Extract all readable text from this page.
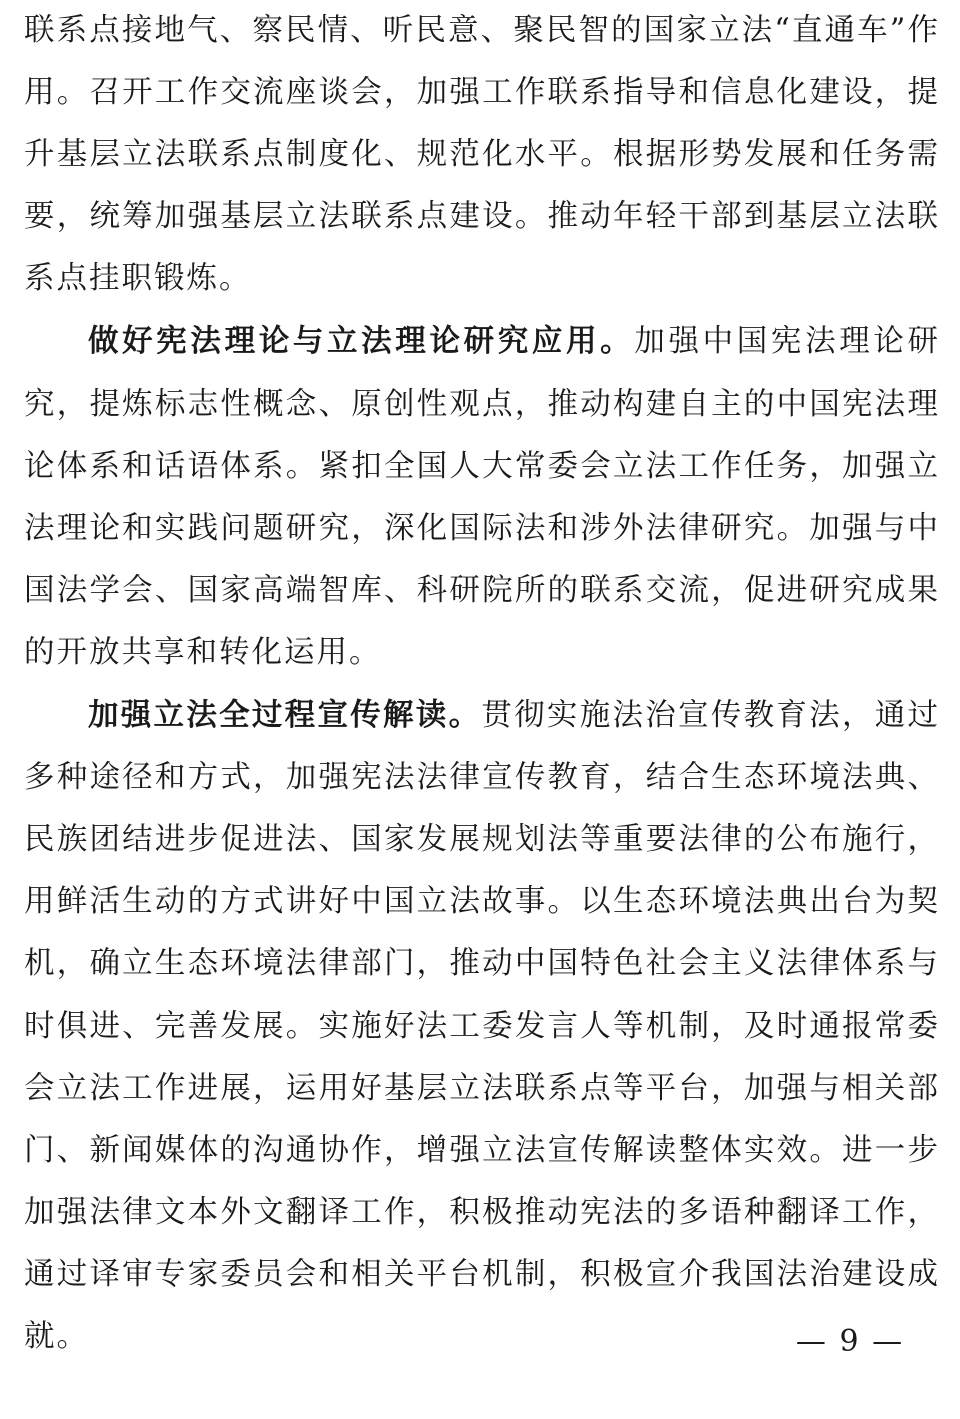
联系点接地气、察民情、听民意、聚民智的国家立法“直通车”作用。召开工作交流座谈会，加强工作联系指导和信息化建设，提升基层立法联系点制度化、规范化水平。根据形势发展和任务需要，统筹加强基层立法联系点建设。推动年轻干部到基层立法联系点挂职锻炼。

做好宪法理论与立法理论研究应用。加强中国宪法理论研究，提炼标志性概念、原创性观点，推动构建自主的中国宪法理论体系和话语体系。紧扣全国人大常委会立法工作任务，加强立法理论和实践问题研究，深化国际法和涉外法律研究。加强与中国法学会、国家高端智库、科研院所的联系交流，促进研究成果的开放共享和转化运用。

加强立法全过程宣传解读。贯彻实施法治宣传教育法，通过多种途径和方式，加强宪法法律宣传教育，结合生态环境法典、民族团结进步促进法、国家发展规划法等重要法律的公布施行，用鲜活生动的方式讲好中国立法故事。以生态环境法典出台为契机，确立生态环境法律部门，推动中国特色社会主义法律体系与时俱进、完善发展。实施好法工委发言人等机制，及时通报常委会立法工作进展，运用好基层立法联系点等平台，加强与相关部门、新闻媒体的沟通协作，增强立法宣传解读整体实效。进一步加强法律文本外文翻译工作，积极推动宪法的多语种翻译工作，通过译审专家委员会和相关平台机制，积极宣介我国法治建设成就。	— 9 —
